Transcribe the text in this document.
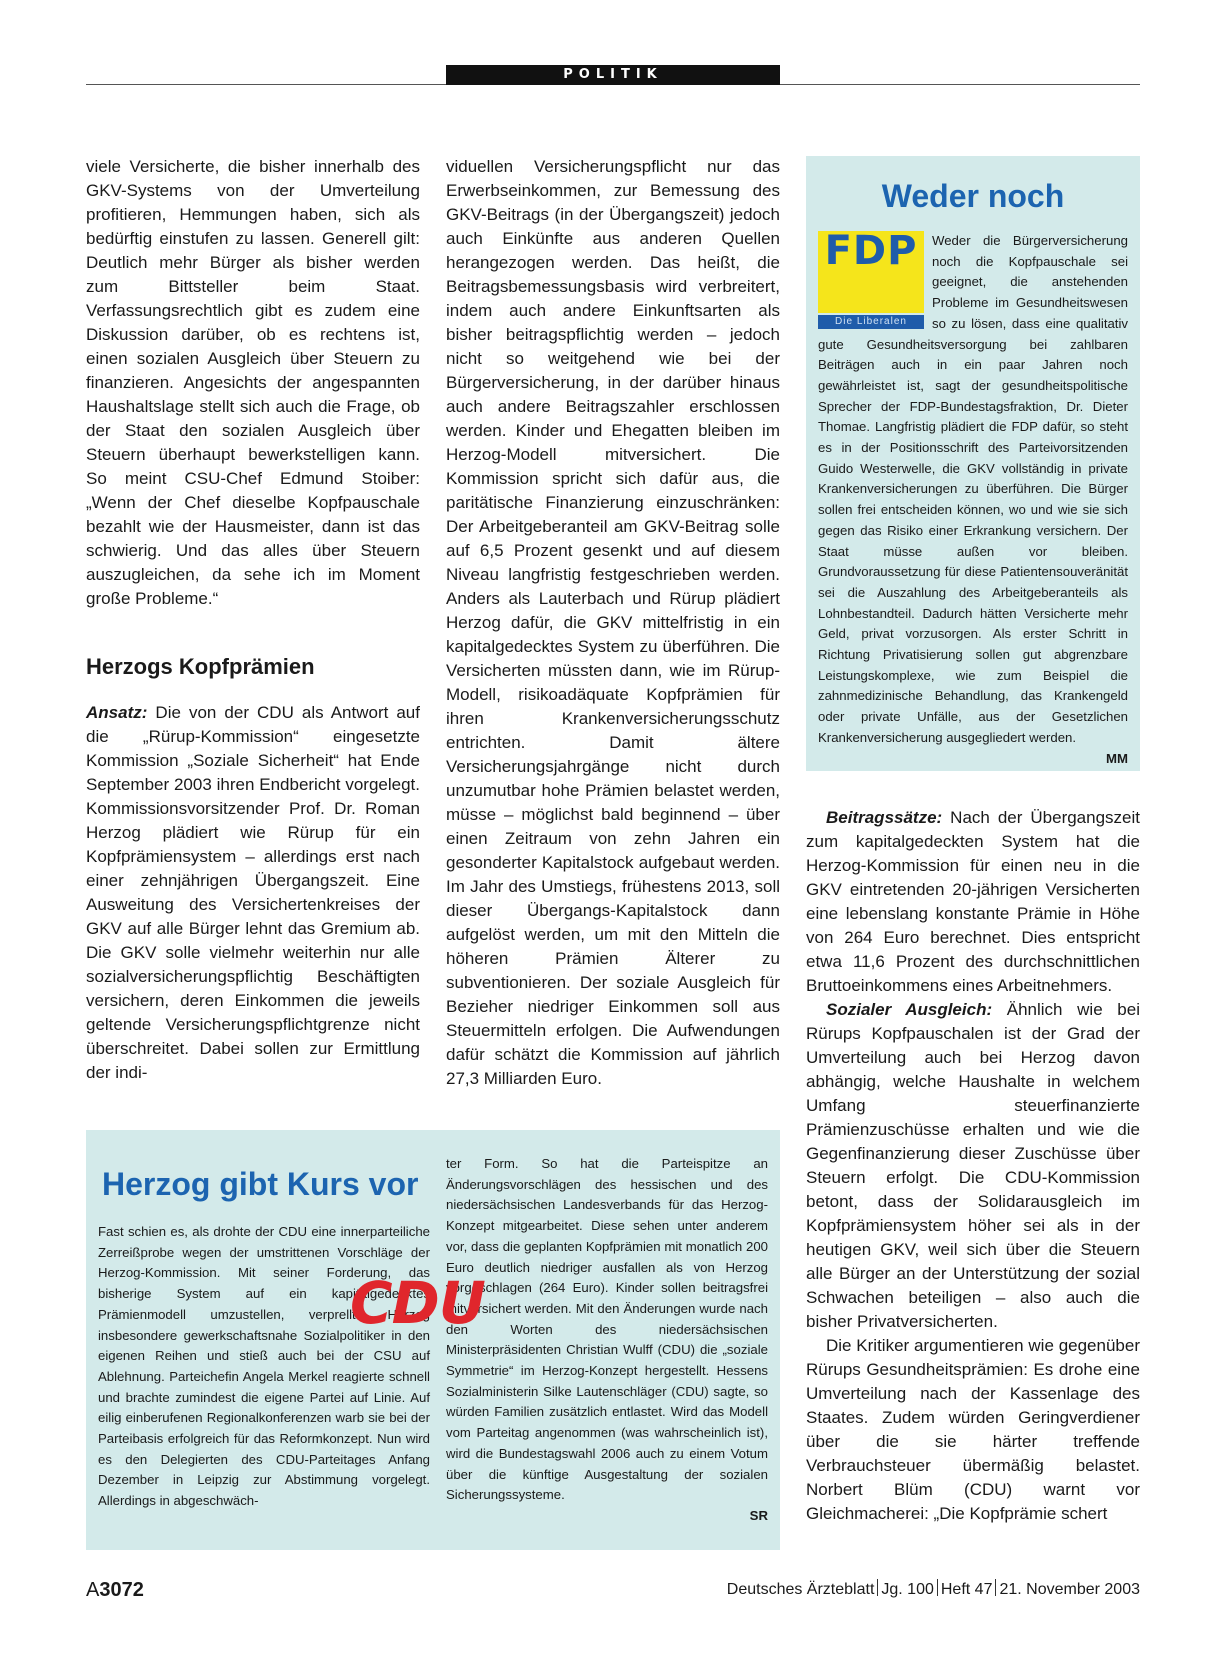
POLITIK

viele Versicherte, die bisher innerhalb des GKV-Systems von der Umverteilung profitieren, Hemmungen haben, sich als bedürftig einstufen zu lassen. Generell gilt: Deutlich mehr Bürger als bisher werden zum Bittsteller beim Staat. Verfassungsrechtlich gibt es zudem eine Diskussion darüber, ob es rechtens ist, einen sozialen Ausgleich über Steuern zu finanzieren. Angesichts der angespannten Haushaltslage stellt sich auch die Frage, ob der Staat den sozialen Ausgleich über Steuern überhaupt bewerkstelligen kann. So meint CSU-Chef Edmund Stoiber: „Wenn der Chef dieselbe Kopfpauschale bezahlt wie der Hausmeister, dann ist das schwierig. Und das alles über Steuern auszugleichen, da sehe ich im Moment große Probleme.“

Herzogs Kopfprämien

Ansatz: Die von der CDU als Antwort auf die „Rürup-Kommission“ eingesetzte Kommission „Soziale Sicherheit“ hat Ende September 2003 ihren Endbericht vorgelegt. Kommissionsvorsitzender Prof. Dr. Roman Herzog plädiert wie Rürup für ein Kopfprämiensystem – allerdings erst nach einer zehnjährigen Übergangszeit. Eine Ausweitung des Versichertenkreises der GKV auf alle Bürger lehnt das Gremium ab. Die GKV solle vielmehr weiterhin nur alle sozialversicherungspflichtig Beschäftigten versichern, deren Einkommen die jeweils geltende Versicherungspflichtgrenze nicht überschreitet. Dabei sollen zur Ermittlung der indi-

viduellen Versicherungspflicht nur das Erwerbseinkommen, zur Bemessung des GKV-Beitrags (in der Übergangszeit) jedoch auch Einkünfte aus anderen Quellen herangezogen werden. Das heißt, die Beitragsbemessungsbasis wird verbreitert, indem auch andere Einkunftsarten als bisher beitragspflichtig werden – jedoch nicht so weitgehend wie bei der Bürgerversicherung, in der darüber hinaus auch andere Beitragszahler erschlossen werden. Kinder und Ehegatten bleiben im Herzog-Modell mitversichert. Die Kommission spricht sich dafür aus, die paritätische Finanzierung einzuschränken: Der Arbeitgeberanteil am GKV-Beitrag solle auf 6,5 Prozent gesenkt und auf diesem Niveau langfristig festgeschrieben werden. Anders als Lauterbach und Rürup plädiert Herzog dafür, die GKV mittelfristig in ein kapitalgedecktes System zu überführen. Die Versicherten müssten dann, wie im Rürup-Modell, risikoadäquate Kopfprämien für ihren Krankenversicherungsschutz entrichten. Damit ältere Versicherungsjahrgänge nicht durch unzumutbar hohe Prämien belastet werden, müsse – möglichst bald beginnend – über einen Zeitraum von zehn Jahren ein gesonderter Kapitalstock aufgebaut werden. Im Jahr des Umstiegs, frühestens 2013, soll dieser Übergangs-Kapitalstock dann aufgelöst werden, um mit den Mitteln die höheren Prämien Älterer zu subventionieren. Der soziale Ausgleich für Bezieher niedriger Einkommen soll aus Steuermitteln erfolgen. Die Aufwendungen dafür schätzt die Kommission auf jährlich 27,3 Milliarden Euro.

Weder noch
FDP
Die Liberalen

Weder die Bürgerversicherung noch die Kopfpauschale sei geeignet, die anstehenden Probleme im Gesundheitswesen so zu lösen, dass eine qualitativ gute Gesundheitsversorgung bei zahlbaren Beiträgen auch in ein paar Jahren noch gewährleistet ist, sagt der gesundheitspolitische Sprecher der FDP-Bundestagsfraktion, Dr. Dieter Thomae. Langfristig plädiert die FDP dafür, so steht es in der Positionsschrift des Parteivorsitzenden Guido Westerwelle, die GKV vollständig in private Krankenversicherungen zu überführen. Die Bürger sollen frei entscheiden können, wo und wie sie sich gegen das Risiko einer Erkrankung versichern. Der Staat müsse außen vor bleiben. Grundvoraussetzung für diese Patientensouveränität sei die Auszahlung des Arbeitgeberanteils als Lohnbestandteil. Dadurch hätten Versicherte mehr Geld, privat vorzusorgen. Als erster Schritt in Richtung Privatisierung sollen gut abgrenzbare Leistungskomplexe, wie zum Beispiel die zahnmedizinische Behandlung, das Krankengeld oder private Unfälle, aus der Gesetzlichen Krankenversicherung ausgegliedert werden.

MM

Beitragssätze: Nach der Übergangszeit zum kapitalgedeckten System hat die Herzog-Kommission für einen neu in die GKV eintretenden 20-jährigen Versicherten eine lebenslang konstante Prämie in Höhe von 264 Euro berechnet. Dies entspricht etwa 11,6 Prozent des durchschnittlichen Bruttoeinkommens eines Arbeitnehmers.

Sozialer Ausgleich: Ähnlich wie bei Rürups Kopfpauschalen ist der Grad der Umverteilung auch bei Herzog davon abhängig, welche Haushalte in welchem Umfang steuerfinanzierte Prämienzuschüsse erhalten und wie die Gegenfinanzierung dieser Zuschüsse über Steuern erfolgt. Die CDU-Kommission betont, dass der Solidarausgleich im Kopfprämiensystem höher sei als in der heutigen GKV, weil sich über die Steuern alle Bürger an der Unterstützung der sozial Schwachen beteiligen – also auch die bisher Privatversicherten.

Die Kritiker argumentieren wie gegenüber Rürups Gesundheitsprämien: Es drohe eine Umverteilung nach der Kassenlage des Staates. Zudem würden Geringverdiener über die sie härter treffende Verbrauchsteuer übermäßig belastet. Norbert Blüm (CDU) warnt vor Gleichmacherei: „Die Kopfprämie schert

Herzog gibt Kurs vor

Fast schien es, als drohte der CDU eine innerparteiliche Zerreißprobe wegen der umstrittenen Vorschläge der Herzog-Kommission. Mit seiner Forderung, das bisherige System auf ein kapitalgedecktes Prämienmodell umzustellen, verprellte Herzog insbesondere gewerkschaftsnahe Sozialpolitiker in den eigenen Reihen und stieß auch bei der CSU auf Ablehnung. Parteichefin Angela Merkel reagierte schnell und brachte zumindest die eigene Partei auf Linie. Auf eilig einberufenen Regionalkonferenzen warb sie bei der Parteibasis erfolgreich für das Reformkonzept. Nun wird es den Delegierten des CDU-Parteitages Anfang Dezember in Leipzig zur Abstimmung vorgelegt. Allerdings in abgeschwäch-

ter Form. So hat die Parteispitze an Änderungsvorschlägen des hessischen und des niedersächsischen Landesverbands für das Herzog-Konzept mitgearbeitet. Diese sehen unter anderem vor, dass die geplanten Kopfprämien mit monatlich 200 Euro deutlich niedriger ausfallen als von Herzog vorgeschlagen (264 Euro). Kinder sollen beitragsfrei mitversichert werden. Mit den Änderungen wurde nach den Worten des niedersächsischen Ministerpräsidenten Christian Wulff (CDU) die „soziale Symmetrie“ im Herzog-Konzept hergestellt. Hessens Sozialministerin Silke Lautenschläger (CDU) sagte, so würden Familien zusätzlich entlastet. Wird das Modell vom Parteitag angenommen (was wahrscheinlich ist), wird die Bundestagswahl 2006 auch zu einem Votum über die künftige Ausgestaltung der sozialen Sicherungssysteme.

SR
CDU
A3072	Deutsches Ärzteblatt Jg. 100 Heft 47 21. November 2003
